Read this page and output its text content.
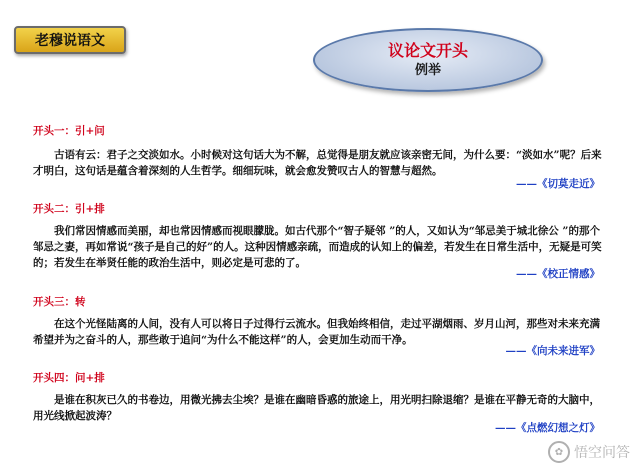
老穆说语文	议论文开头
例举
开头一：引+问

古语有云：君子之交淡如水。小时候对这句话大为不解，总觉得是朋友就应该亲密无间，为什么要：“淡如水”呢？后来才明白，这句话是蕴含着深刻的人生哲学。细细玩味，就会愈发赞叹古人的智慧与超然。

——《切莫走近》
开头二：引+排

我们常因情感而美丽，却也常因情感而视眼朦胧。如古代那个“智子疑邻 ”的人，又如认为“邹忌美于城北徐公 ”的那个邹忌之妻，再如常说“孩子是自己的好”的人。这种因情感亲疏，而造成的认知上的偏差，若发生在日常生活中，无疑是可笑的；若发生在举贤任能的政治生活中，则必定是可悲的了。

——《校正情感》
开头三：转

在这个光怪陆离的人间，没有人可以将日子过得行云流水。但我始终相信，走过平湖烟雨、岁月山河，那些对未来充满希望并为之奋斗的人，那些敢于追问“为什么不能这样”的人，会更加生动而干净。

——《向未来进军》
开头四：问+排

是谁在积灰已久的书卷边，用微光拂去尘埃？是谁在幽暗昏惑的旅途上，用光明扫除退缩？是谁在平静无奇的大脑中，用光线掀起波涛？

——《点燃幻想之灯》
✿ 悟空问答
